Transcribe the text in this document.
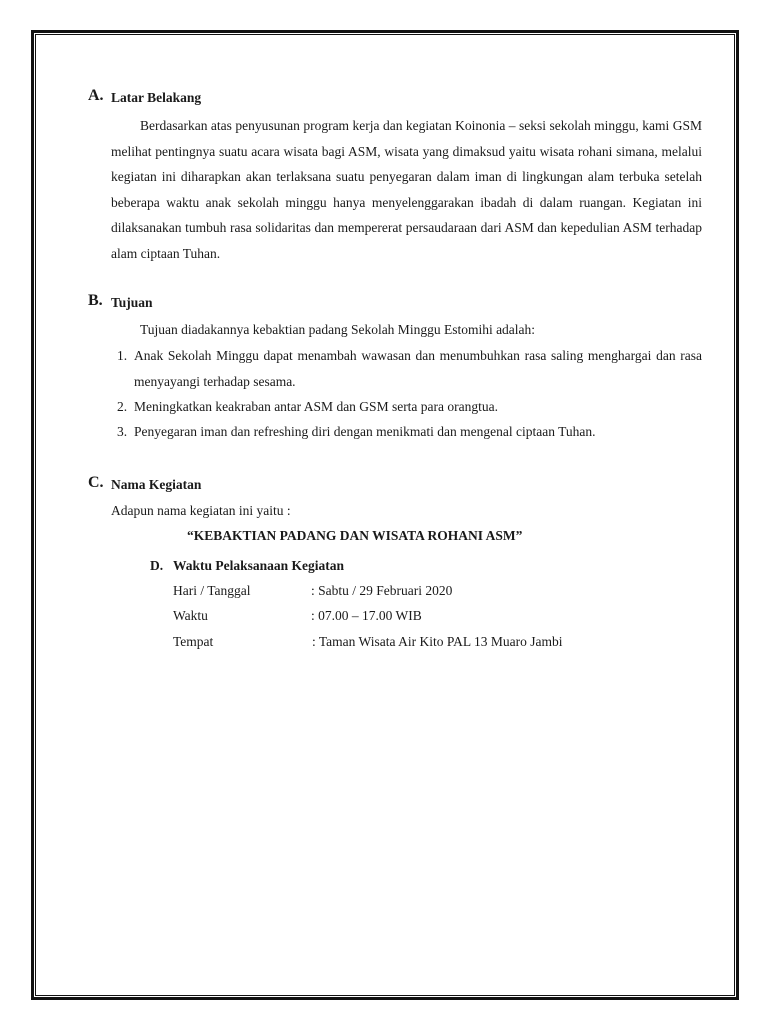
A. Latar Belakang

Berdasarkan atas penyusunan program kerja dan kegiatan Koinonia – seksi sekolah minggu, kami GSM melihat pentingnya suatu acara wisata bagi ASM, wisata yang dimaksud yaitu wisata rohani simana, melalui kegiatan ini diharapkan akan terlaksana suatu penyegaran dalam iman di lingkungan alam terbuka setelah beberapa waktu anak sekolah minggu hanya menyelenggarakan ibadah di dalam ruangan. Kegiatan ini dilaksanakan tumbuh rasa solidaritas dan mempererat persaudaraan dari ASM dan kepedulian ASM terhadap alam ciptaan Tuhan.

B. Tujuan
Tujuan diadakannya kebaktian padang Sekolah Minggu Estomihi adalah:
1. Anak Sekolah Minggu dapat menambah wawasan dan menumbuhkan rasa saling menghargai dan rasa menyayangi terhadap sesama.
2. Meningkatkan keakraban antar ASM dan GSM serta para orangtua.
3. Penyegaran iman dan refreshing diri dengan menikmati dan mengenal ciptaan Tuhan.
C. Nama Kegiatan
Adapun nama kegiatan ini yaitu :
“KEBAKTIAN PADANG DAN WISATA ROHANI ASM”
D. Waktu Pelaksanaan Kegiatan
Hari / Tanggal	: Sabtu / 29 Februari 2020
Waktu	: 07.00 – 17.00 WIB
Tempat	: Taman Wisata Air Kito PAL 13 Muaro Jambi
